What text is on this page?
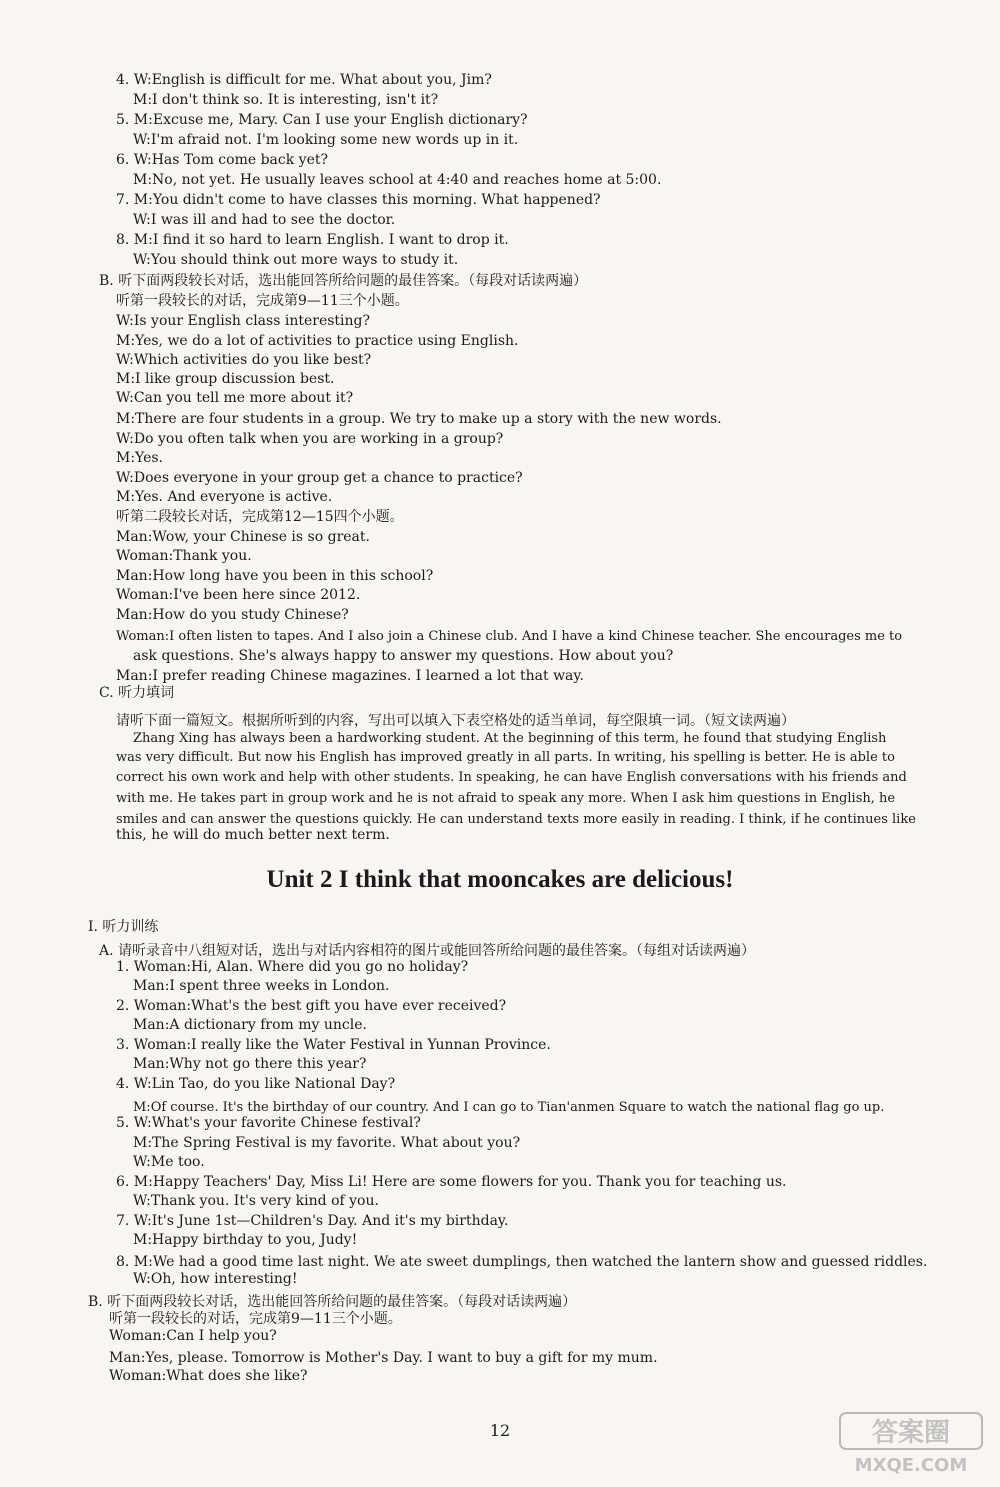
4. W:English is difficult for me. What about you, Jim?
M:I don't think so. It is interesting, isn't it?
5. M:Excuse me, Mary. Can I use your English dictionary?
W:I'm afraid not. I'm looking some new words up in it.
6. W:Has Tom come back yet?
M:No, not yet. He usually leaves school at 4:40 and reaches home at 5:00.
7. M:You didn't come to have classes this morning. What happened?
W:I was ill and had to see the doctor.
8. M:I find it so hard to learn English. I want to drop it.
W:You should think out more ways to study it.
B. 听下面两段较长对话，选出能回答所给问题的最佳答案。（每段对话读两遍）
听第一段较长的对话，完成第9—11三个小题。
W:Is your English class interesting?
M:Yes, we do a lot of activities to practice using English.
W:Which activities do you like best?
M:I like group discussion best.
W:Can you tell me more about it?
M:There are four students in a group. We try to make up a story with the new words.
W:Do you often talk when you are working in a group?
M:Yes.
W:Does everyone in your group get a chance to practice?
M:Yes. And everyone is active.
听第二段较长对话，完成第12—15四个小题。
Man:Wow, your Chinese is so great.
Woman:Thank you.
Man:How long have you been in this school?
Woman:I've been here since 2012.
Man:How do you study Chinese?
Woman:I often listen to tapes. And I also join a Chinese club. And I have a kind Chinese teacher. She encourages me to
ask questions. She's always happy to answer my questions. How about you?
Man:I prefer reading Chinese magazines. I learned a lot that way.
C. 听力填词
请听下面一篇短文。根据所听到的内容，写出可以填入下表空格处的适当单词，每空限填一词。（短文读两遍）
Zhang Xing has always been a hardworking student. At the beginning of this term, he found that studying English
was very difficult. But now his English has improved greatly in all parts. In writing, his spelling is better. He is able to
correct his own work and help with other students. In speaking, he can have English conversations with his friends and
with me. He takes part in group work and he is not afraid to speak any more. When I ask him questions in English, he
smiles and can answer the questions quickly. He can understand texts more easily in reading. I think, if he continues like
this, he will do much better next term.
Unit 2 I think that mooncakes are delicious!
Ⅰ. 听力训练
A. 请听录音中八组短对话，选出与对话内容相符的图片或能回答所给问题的最佳答案。（每组对话读两遍）
1. Woman:Hi, Alan. Where did you go no holiday?
Man:I spent three weeks in London.
2. Woman:What's the best gift you have ever received?
Man:A dictionary from my uncle.
3. Woman:I really like the Water Festival in Yunnan Province.
Man:Why not go there this year?
4. W:Lin Tao, do you like National Day?
M:Of course. It's the birthday of our country. And I can go to Tian'anmen Square to watch the national flag go up.
5. W:What's your favorite Chinese festival?
M:The Spring Festival is my favorite. What about you?
W:Me too.
6. M:Happy Teachers' Day, Miss Li! Here are some flowers for you. Thank you for teaching us.
W:Thank you. It's very kind of you.
7. W:It's June 1st—Children's Day. And it's my birthday.
M:Happy birthday to you, Judy!
8. M:We had a good time last night. We ate sweet dumplings, then watched the lantern show and guessed riddles.
W:Oh, how interesting!
B. 听下面两段较长对话，选出能回答所给问题的最佳答案。（每段对话读两遍）
听第一段较长的对话，完成第9—11三个小题。
Woman:Can I help you?
Man:Yes, please. Tomorrow is Mother's Day. I want to buy a gift for my mum.
Woman:What does she like?
12	答案圈
MXQE.COM
